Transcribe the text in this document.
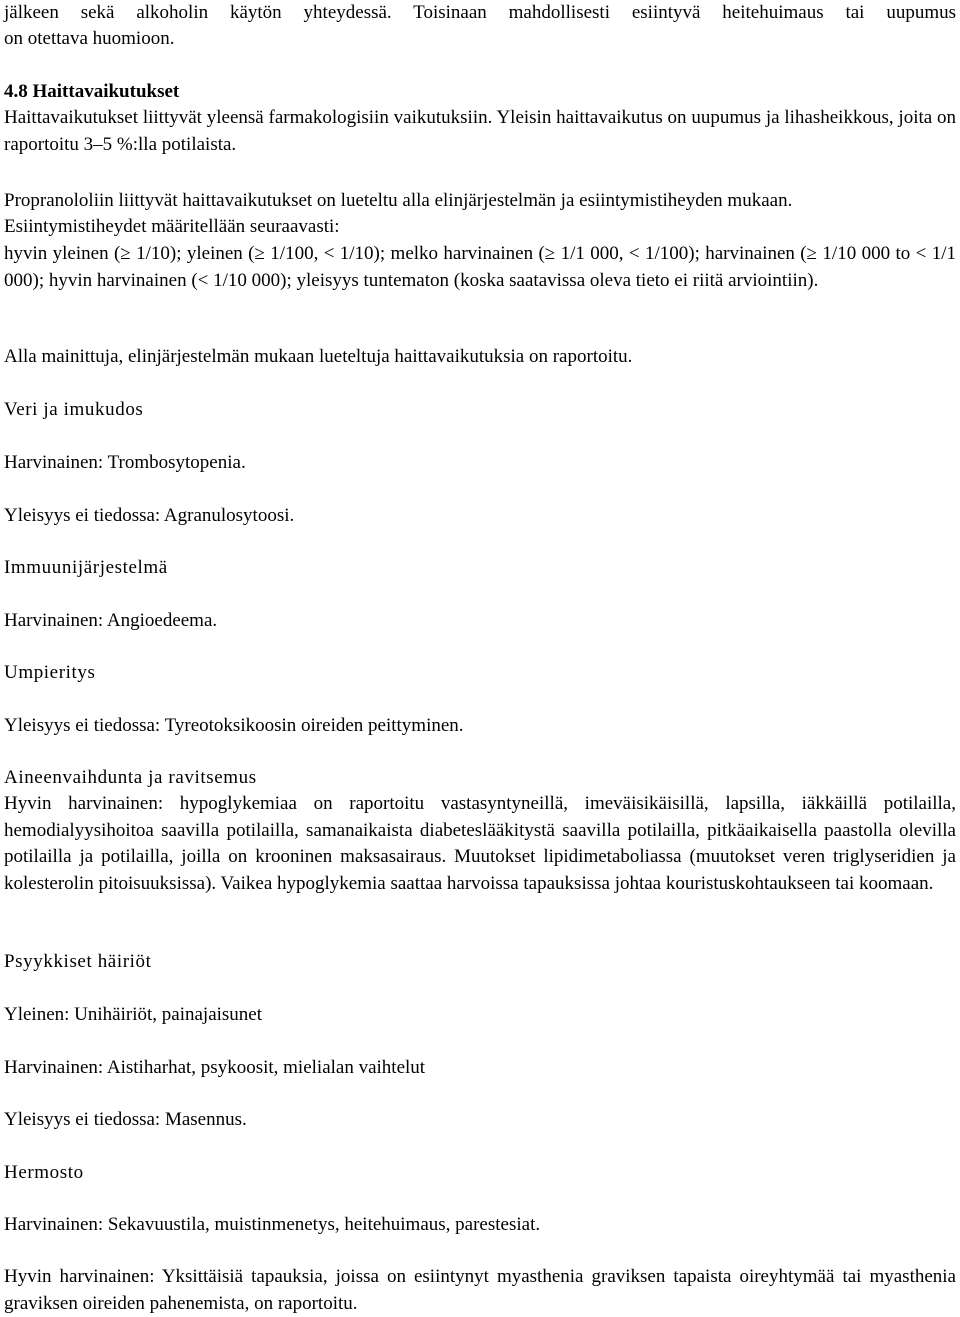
jälkeen sekä alkoholin käytön yhteydessä. Toisinaan mahdollisesti esiintyvä heitehuimaus tai uupumus

on otettava huomioon.

4.8 Haittavaikutukset

Haittavaikutukset liittyvät yleensä farmakologisiin vaikutuksiin. Yleisin haittavaikutus on uupumus ja lihasheikkous, joita on raportoitu 3–5 %:lla potilaista.

Propranololiin liittyvät haittavaikutukset on lueteltu alla elinjärjestelmän ja esiintymistiheyden mukaan.

Esiintymistiheydet määritellään seuraavasti:

hyvin yleinen (≥ 1/10); yleinen (≥ 1/100, < 1/10); melko harvinainen (≥ 1/1 000, < 1/100); harvinainen (≥ 1/10 000 to < 1/1 000); hyvin harvinainen (< 1/10 000); yleisyys tuntematon (koska saatavissa oleva tieto ei riitä arviointiin).

Alla mainittuja, elinjärjestelmän mukaan lueteltuja haittavaikutuksia on raportoitu.

Veri ja imukudos

Harvinainen: Trombosytopenia.

Yleisyys ei tiedossa: Agranulosytoosi.

Immuunijärjestelmä

Harvinainen: Angioedeema.

Umpieritys

Yleisyys ei tiedossa: Tyreotoksikoosin oireiden peittyminen.

Aineenvaihdunta ja ravitsemus

Hyvin harvinainen: hypoglykemiaa on raportoitu vastasyntyneillä, imeväisikäisillä, lapsilla, iäkkäillä potilailla, hemodialyysihoitoa saavilla potilailla, samanaikaista diabeteslääkitystä saavilla potilailla, pitkäaikaisella paastolla olevilla potilailla ja potilailla, joilla on krooninen maksasairaus. Muutokset lipidimetaboliassa (muutokset veren triglyseridien ja kolesterolin pitoisuuksissa). Vaikea hypoglykemia saattaa harvoissa tapauksissa johtaa kouristuskohtaukseen tai koomaan.

Psyykkiset häiriöt

Yleinen: Unihäiriöt, painajaisunet

Harvinainen: Aistiharhat, psykoosit, mielialan vaihtelut

Yleisyys ei tiedossa: Masennus.

Hermosto

Harvinainen: Sekavuustila, muistinmenetys, heitehuimaus, parestesiat.

Hyvin harvinainen: Yksittäisiä tapauksia, joissa on esiintynyt myasthenia graviksen tapaista oireyhtymää tai myasthenia graviksen oireiden pahenemista, on raportoitu.
